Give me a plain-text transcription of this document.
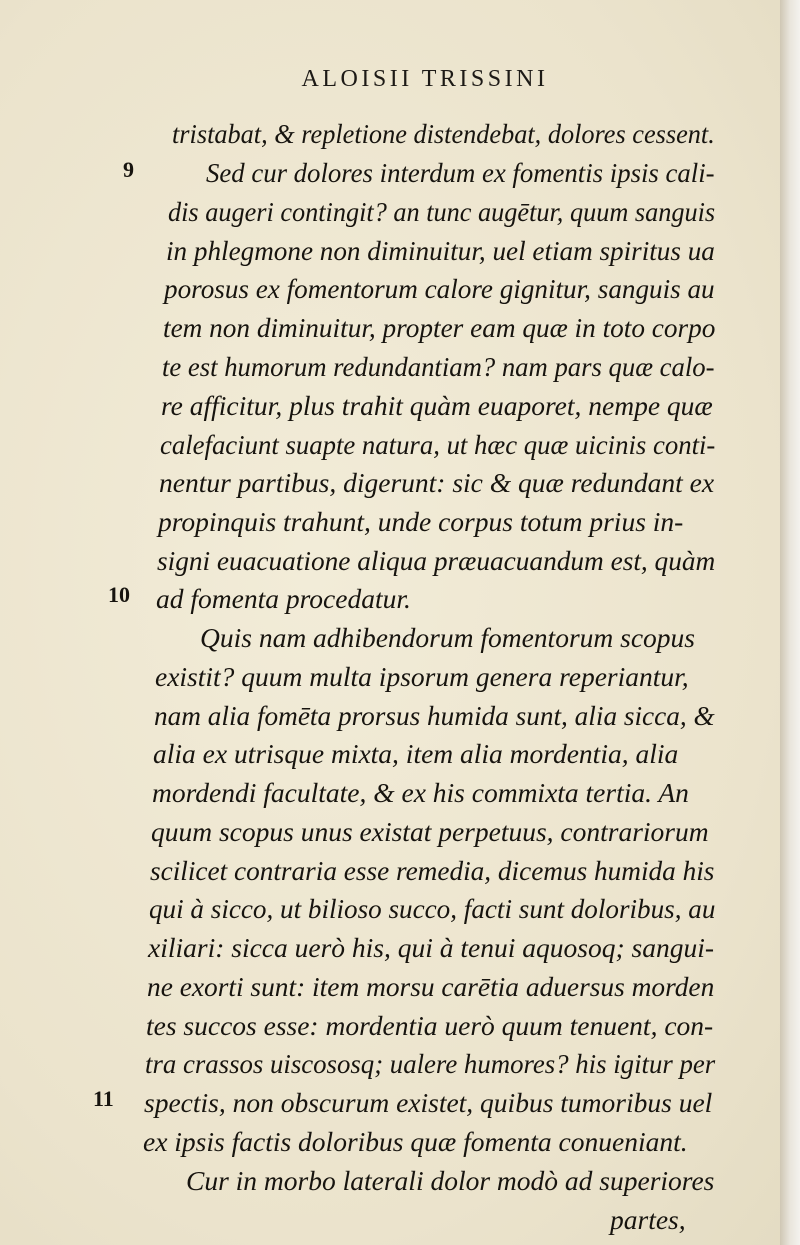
ALOISII TRISSINI
9
10
11
tristabat, & repletione distendebat, dolores cessent.
Sed cur dolores interdum ex fomentis ipsis cali-
dis augeri contingit? an tunc augētur, quum sanguis
in phlegmone non diminuitur, uel etiam spiritus ua
porosus ex fomentorum calore gignitur, sanguis au
tem non diminuitur, propter eam quæ in toto corpo
te est humorum redundantiam? nam pars quæ calo-
re afficitur, plus trahit quàm euaporet, nempe quæ
calefaciunt suapte natura, ut hæc quæ uicinis conti-
nentur partibus, digerunt: sic & quæ redundant ex
propinquis trahunt, unde corpus totum prius in-
signi euacuatione aliqua præuacuandum est, quàm
ad fomenta procedatur.
Quis nam adhibendorum fomentorum scopus
existit? quum multa ipsorum genera reperiantur,
nam alia fomēta prorsus humida sunt, alia sicca, &
alia ex utrisque mixta, item alia mordentia, alia
mordendi facultate, & ex his commixta tertia. An
quum scopus unus existat perpetuus, contrariorum
scilicet contraria esse remedia, dicemus humida his
qui à sicco, ut bilioso succo, facti sunt doloribus, au
xiliari: sicca uerò his, qui à tenui aquosoq; sangui-
ne exorti sunt: item morsu carētia aduersus morden
tes succos esse: mordentia uerò quum tenuent, con-
tra crassos uiscososq; ualere humores? his igitur per
spectis, non obscurum existet, quibus tumoribus uel
ex ipsis factis doloribus quæ fomenta conueniant.
Cur in morbo laterali dolor modò ad superiores
partes,
